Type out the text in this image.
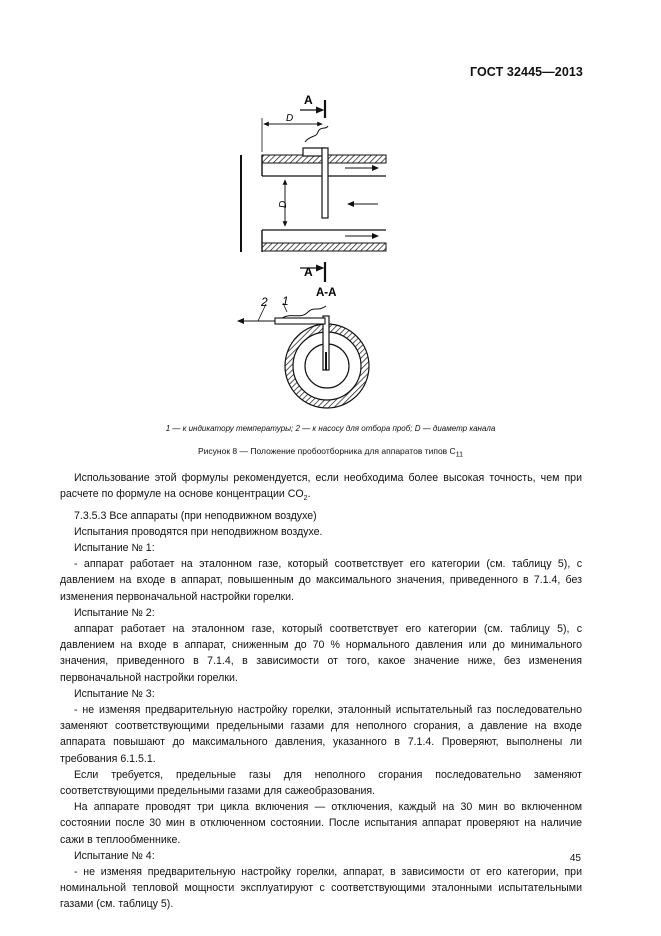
ГОСТ 32445—2013
А
А
D
D
А-А
2 1
1 — к индикатору температуры; 2 — к насосу для отбора проб; D — диаметр канала
Рисунок 8 — Положение пробоотборника для аппаратов типов $С_{11}$

Использование этой формулы рекомендуется, если необходима более высокая точность, чем при расчете по формуле на основе концентрации $CO_2$.

7.3.5.3 Все аппараты (при неподвижном воздухе)

Испытания проводятся при неподвижном воздухе.

Испытание № 1:

- аппарат работает на эталонном газе, который соответствует его категории (см. таблицу 5), с давлением на входе в аппарат, повышенным до максимального значения, приведенного в 7.1.4, без изменения первоначальной настройки горелки.

Испытание № 2:

аппарат работает на эталонном газе, который соответствует его категории (см. таблицу 5), с давлением на входе в аппарат, сниженным до 70 % нормального давления или до минимального значения, приведенного в 7.1.4, в зависимости от того, какое значение ниже, без изменения первоначальной настройки горелки.

Испытание № 3:

- не изменяя предварительную настройку горелки, эталонный испытательный газ последовательно заменяют соответствующими предельными газами для неполного сгорания, а давление на входе аппарата повышают до максимального давления, указанного в 7.1.4. Проверяют, выполнены ли требования 6.1.5.1.

Если требуется, предельные газы для неполного сгорания последовательно заменяют соответствующими предельными газами для сажеобразования.

На аппарате проводят три цикла включения — отключения, каждый на 30 мин во включенном состоянии после 30 мин в отключенном состоянии. После испытания аппарат проверяют на наличие сажи в теплообменнике.

Испытание № 4:

- не изменяя предварительную настройку горелки, аппарат, в зависимости от его категории, при номинальной тепловой мощности эксплуатируют с соответствующими эталонными испытательными газами (см. таблицу 5).

45
